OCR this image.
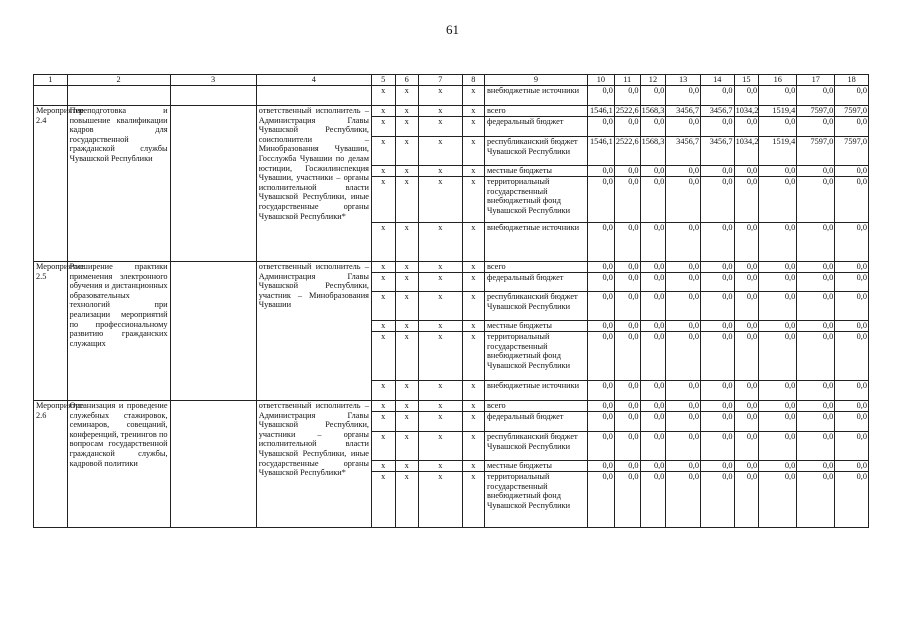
61
1	2	3	4	5	6	7	8	9	10	11	12	13	14	15	16	17	18
				x	x	x	x	внебюджетные источники	0,0	0,0	0,0	0,0	0,0	0,0	0,0	0,0	0,0
Мероприятие 2.4	Переподготовка и повышение квалификации кадров для государственной гражданской службы Чувашской Республики		ответственный исполнитель – Администрация Главы Чувашской Республики, соисполнители – Минобразования Чувашии, Госслужба Чувашии по делам юстиции, Госжилинспекция Чувашии, участники – органы исполнительной власти Чувашской Республики, иные государственные органы Чувашской Республики*	x	x	x	x	всего	1546,1	2522,6	1568,3	3456,7	3456,7	1034,2	1519,4	7597,0	7597,0
				x	x	x	x	федеральный бюджет	0,0	0,0	0,0	0,0	0,0	0,0	0,0	0,0	0,0
				x	x	x	x	республиканский бюджет Чувашской Республики	1546,1	2522,6	1568,3	3456,7	3456,7	1034,2	1519,4	7597,0	7597,0
				x	x	x	x	местные бюджеты	0,0	0,0	0,0	0,0	0,0	0,0	0,0	0,0	0,0
				x	x	x	x	территориальный государственный внебюджетный фонд Чувашской Республики	0,0	0,0	0,0	0,0	0,0	0,0	0,0	0,0	0,0
				x	x	x	x	внебюджетные источники	0,0	0,0	0,0	0,0	0,0	0,0	0,0	0,0	0,0
Мероприятие 2.5	Расширение практики применения электронного обучения и дистанционных образовательных технологий при реализации мероприятий по профессиональному развитию гражданских служащих		ответственный исполнитель – Администрация Главы Чувашской Республики, участник – Минобразования Чувашии	x	x	x	x	всего	0,0	0,0	0,0	0,0	0,0	0,0	0,0	0,0	0,0
				x	x	x	x	федеральный бюджет	0,0	0,0	0,0	0,0	0,0	0,0	0,0	0,0	0,0
				x	x	x	x	республиканский бюджет Чувашской Республики	0,0	0,0	0,0	0,0	0,0	0,0	0,0	0,0	0,0
				x	x	x	x	местные бюджеты	0,0	0,0	0,0	0,0	0,0	0,0	0,0	0,0	0,0
				x	x	x	x	территориальный государственный внебюджетный фонд Чувашской Республики	0,0	0,0	0,0	0,0	0,0	0,0	0,0	0,0	0,0
				x	x	x	x	внебюджетные источники	0,0	0,0	0,0	0,0	0,0	0,0	0,0	0,0	0,0
Мероприятие 2.6	Организация и проведение служебных стажировок, семинаров, совещаний, конференций, тренингов по вопросам государственной гражданской службы, кадровой политики		ответственный исполнитель – Администрация Главы Чувашской Республики, участники – органы исполнительной власти Чувашской Республики, иные государственные органы Чувашской Республики*	x	x	x	x	всего	0,0	0,0	0,0	0,0	0,0	0,0	0,0	0,0	0,0
				x	x	x	x	федеральный бюджет	0,0	0,0	0,0	0,0	0,0	0,0	0,0	0,0	0,0
				x	x	x	x	республиканский бюджет Чувашской Республики	0,0	0,0	0,0	0,0	0,0	0,0	0,0	0,0	0,0
				x	x	x	x	местные бюджеты	0,0	0,0	0,0	0,0	0,0	0,0	0,0	0,0	0,0
				x	x	x	x	территориальный государственный внебюджетный фонд Чувашской Республики	0,0	0,0	0,0	0,0	0,0	0,0	0,0	0,0	0,0
